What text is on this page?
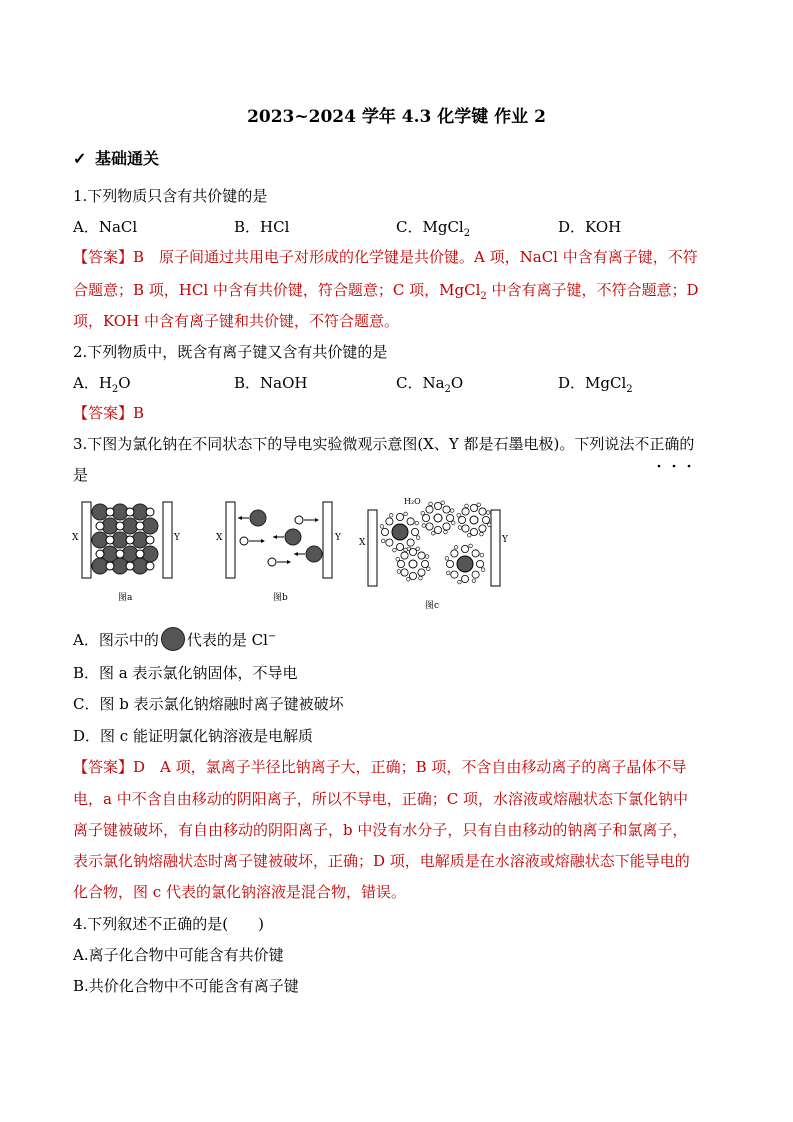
2023~2024 学年 4.3 化学键 作业 2
✓ 基础通关
1.下列物质只含有共价键的是
A．NaCl	B．HCl	C．MgCl$_2$	D．KOH
【答案】B　原子间通过共用电子对形成的化学键是共价键。A 项，NaCl 中含有离子键，不符
合题意；B 项，HCl 中含有共价键，符合题意；C 项，MgCl$_2$ 中含有离子键，不符合题意；D
项，KOH 中含有离子键和共价键，不符合题意。
2.下列物质中，既含有离子键又含有共价键的是
A．$H_2O$	B．NaOH	C．$Na_2O$	D．MgCl$_2$
【答案】B
3.下图为氯化钠在不同状态下的导电实验微观示意图(X、Y 都是石墨电极)。下列说法不正确的
是
X	Y
图a
X	Y
图b
X	Y
H₂O
图c
A．图示中的 代表的是 Cl−
B．图 a 表示氯化钠固体，不导电
C．图 b 表示氯化钠熔融时离子键被破坏
D．图 c 能证明氯化钠溶液是电解质
【答案】D　A 项，氯离子半径比钠离子大，正确；B 项，不含自由移动离子的离子晶体不导
电，a 中不含自由移动的阴阳离子，所以不导电，正确；C 项，水溶液或熔融状态下氯化钠中
离子键被破坏，有自由移动的阴阳离子，b 中没有水分子，只有自由移动的钠离子和氯离子，
表示氯化钠熔融状态时离子键被破坏，正确；D 项，电解质是在水溶液或熔融状态下能导电的
化合物，图 c 代表的氯化钠溶液是混合物，错误。
4.下列叙述不正确的是(　　)
A.离子化合物中可能含有共价键
B.共价化合物中不可能含有离子键
